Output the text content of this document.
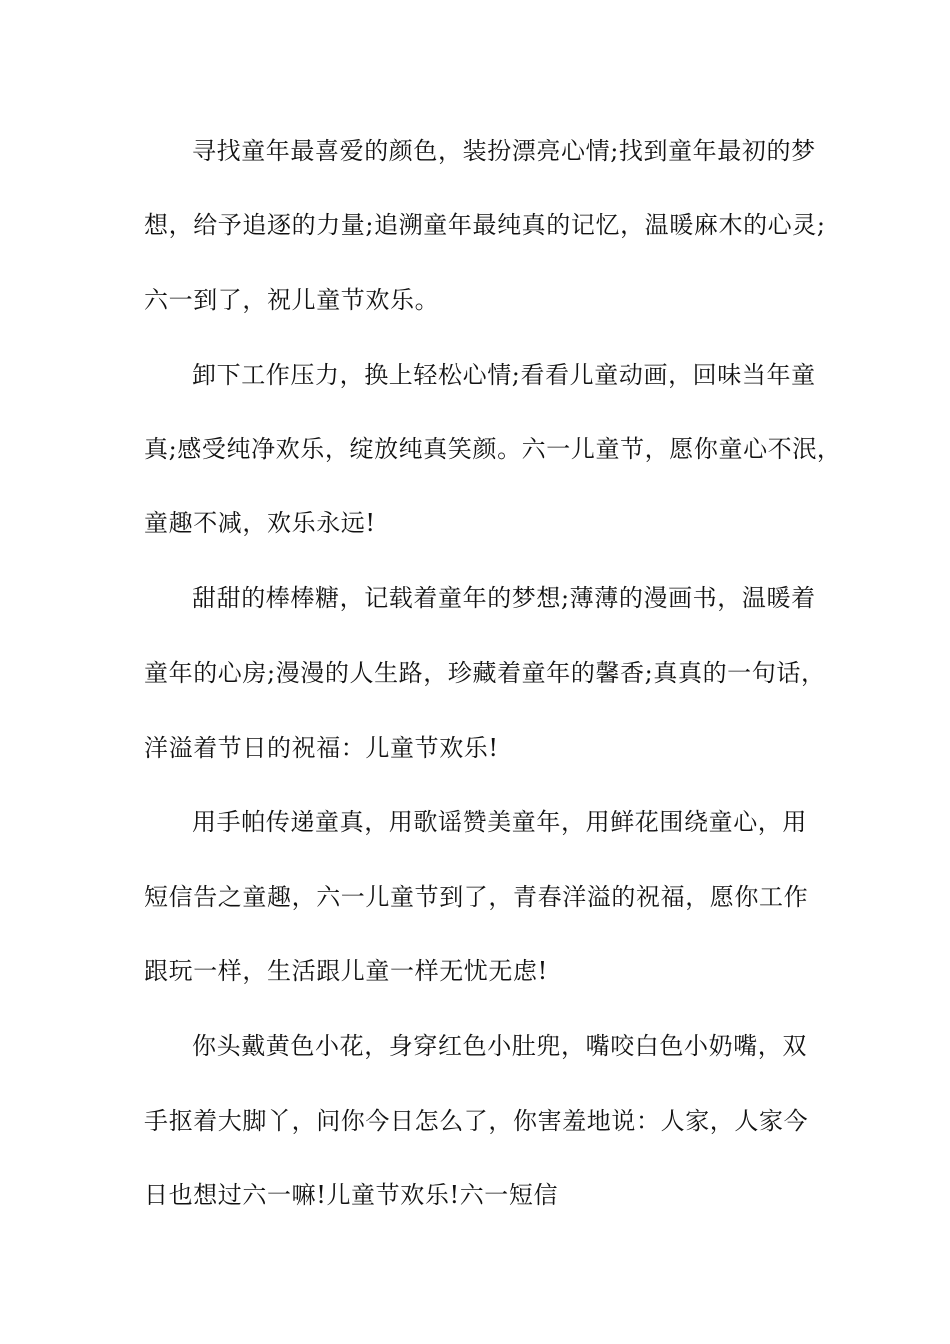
寻找童年最喜爱的颜色，装扮漂亮心情;找到童年最初的梦
想，给予追逐的力量;追溯童年最纯真的记忆，温暖麻木的心灵;
六一到了，祝儿童节欢乐。
卸下工作压力，换上轻松心情;看看儿童动画，回味当年童
真;感受纯净欢乐，绽放纯真笑颜。六一儿童节，愿你童心不泯，
童趣不减，欢乐永远!
甜甜的棒棒糖，记载着童年的梦想;薄薄的漫画书，温暖着
童年的心房;漫漫的人生路，珍藏着童年的馨香;真真的一句话，
洋溢着节日的祝福：儿童节欢乐!
用手帕传递童真，用歌谣赞美童年，用鲜花围绕童心，用
短信告之童趣，六一儿童节到了，青春洋溢的祝福，愿你工作
跟玩一样，生活跟儿童一样无忧无虑!
你头戴黄色小花，身穿红色小肚兜，嘴咬白色小奶嘴，双
手抠着大脚丫，问你今日怎么了，你害羞地说：人家，人家今
日也想过六一嘛!儿童节欢乐!六一短信
